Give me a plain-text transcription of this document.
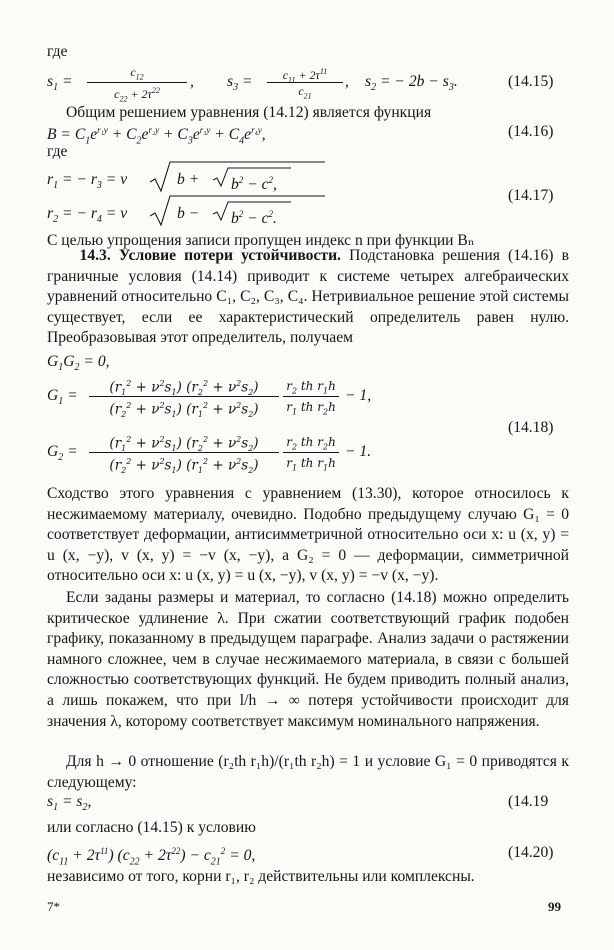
где
$s_1$ =
$c_{12}$
$c_{22} + 2\tau^{22}$
, $s_3$ =	$c_{11} + 2\tau^{11}$
$c_{21}$
, $s_2$ = − $2b - s_3$.	(14.15)
Общим решением уравнения (14.12) является функция
$B = C_1e^{r_1y} + C_2e^{r_2y} + C_3e^{r_3y} + C_4e^{r_4y}$,	(14.16)
где
$r_1$ = − $r_3 = \nu$	$b + b^2 - c^2$,
$r_2$ = − $r_4 = \nu$	$b - b^2 - c^2$.
(14.17)
С целью упрощения записи пропущен индекс n при функции Bₙ
14.3. Условие потери устойчивости. Подстановка решения (14.16) в граничные условия (14.14) приводит к системе четырех алгебраических уравнений относительно C₁, C₂, C₃, C₄. Нетривиальное решение этой системы существует, если ее характеристический определитель равен нулю. Преобразовывая этот определитель, получаем
$G_1G_2 = 0$,
$G_1$ =	$(r_1^2 + \nu^2s_1) (r_2^2 + \nu^2s_2)$
$(r_2^2 + \nu^2s_1) (r_1^2 + \nu^2s_2)$
$r_2$ th $r_1h$
$r_1$ th $r_2h$
− 1,
$G_2$ =	$(r_1^2 + \nu^2s_1) (r_2^2 + \nu^2s_2)$
$(r_2^2 + \nu^2s_1) (r_1^2 + \nu^2s_2)$
$r_2$ th $r_2h$
$r_1$ th $r_1h$
− 1.
(14.18)
Сходство этого уравнения с уравнением (13.30), которое относилось к несжимаемому материалу, очевидно. Подобно предыдущему случаю G₁ = 0 соответствует деформации, антисимметричной относительно оси x: u (x, y) = u (x, −y), v (x, y) = −v (x, −y), а G₂ = 0 — деформации, симметричной относительно оси x: u (x, y) = u (x, −y), v (x, y) = −v (x, −y).
Если заданы размеры и материал, то согласно (14.18) можно определить критическое удлинение λ. При сжатии соответствующий график подобен графику, показанному в предыдущем параграфе. Анализ задачи о растяжении намного сложнее, чем в случае несжимаемого материала, в связи с большей сложностью соответствующих функций. Не будем приводить полный анализ, а лишь покажем, что при l/h → ∞ потеря устойчивости происходит для значения λ, которому соответствует максимум номинального напряжения.
Для h → 0 отношение (r₂th r₁h)/(r₁th r₂h) = 1 и условие G₁ = 0 приводятся к следующему:
$s_1 = s_2$,	(14.19
или согласно (14.15) к условию
$(c_{11} + 2\tau^{11}) (c_{22} + 2\tau^{22}) - c_{21}^2 = 0$,	(14.20)
независимо от того, корни r₁, r₂ действительны или комплексны.
7*	99
